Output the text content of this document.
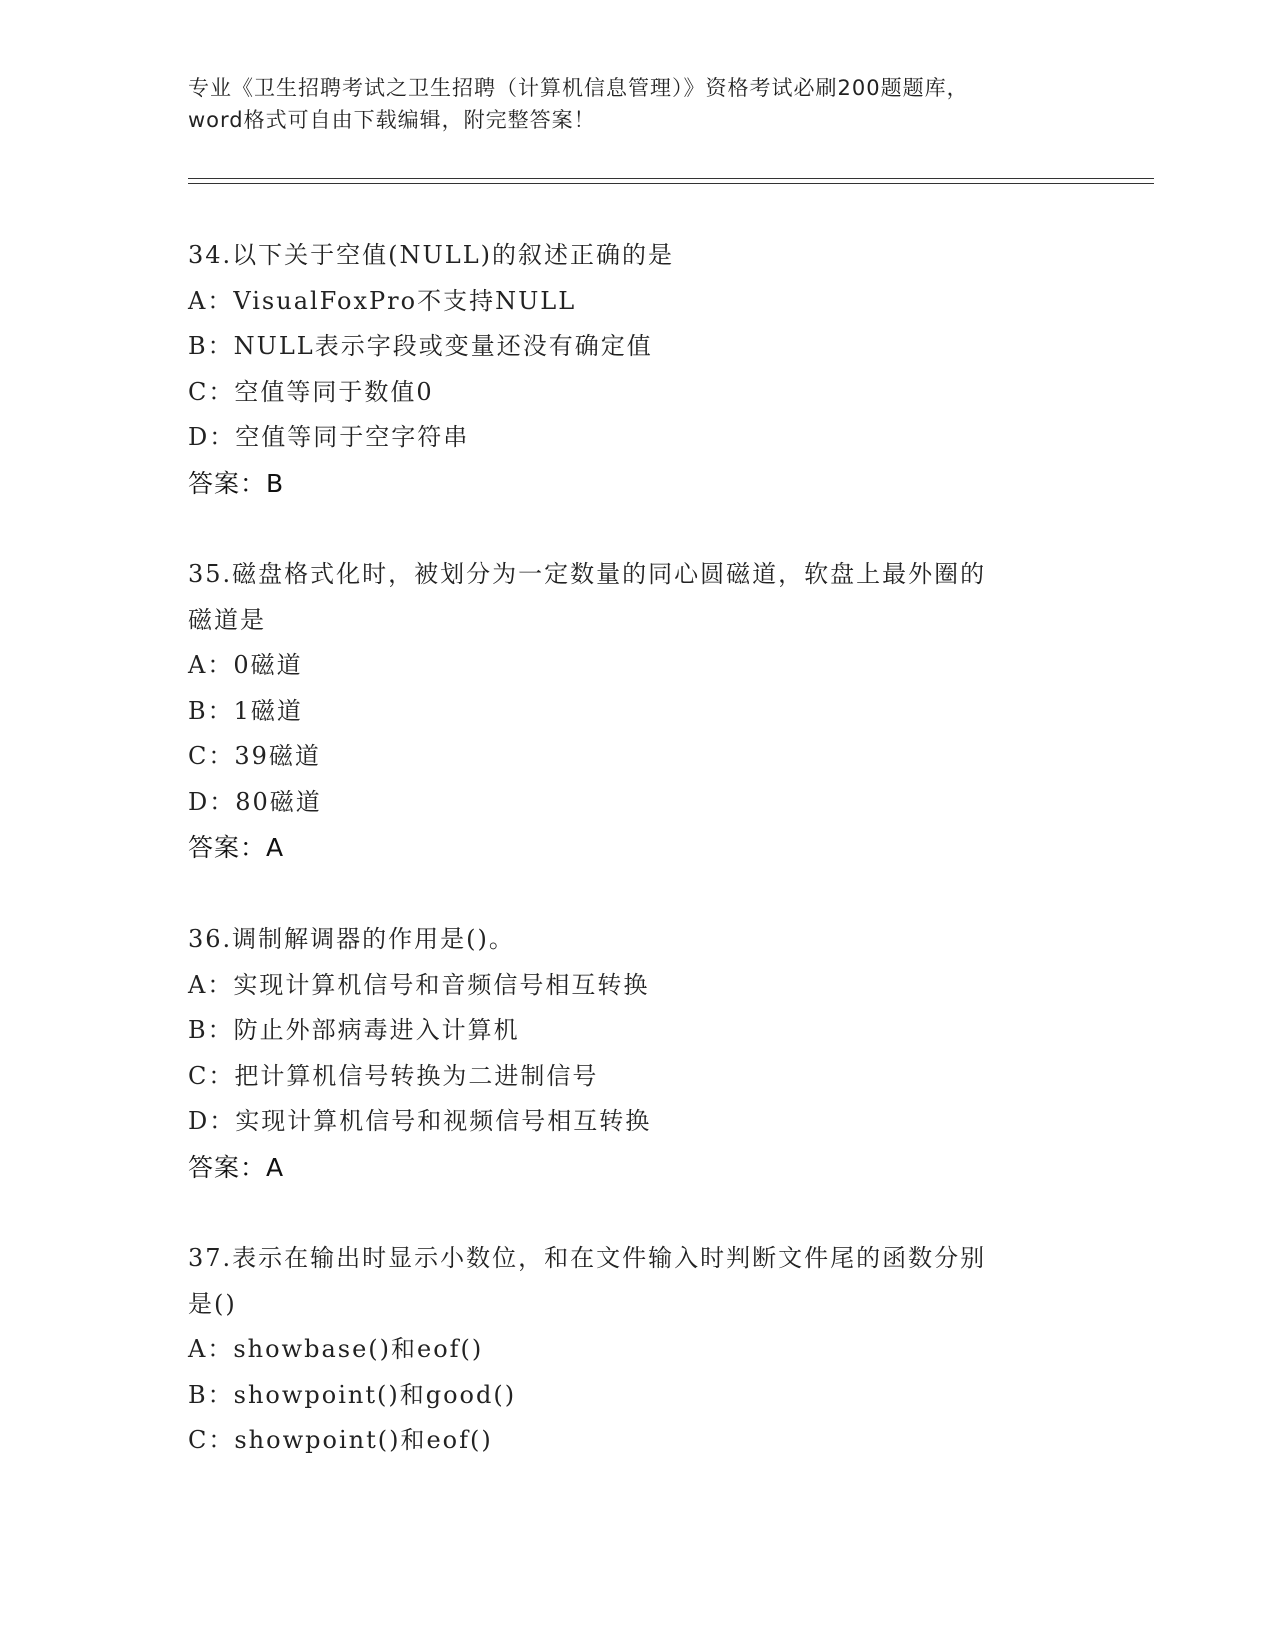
专业《卫生招聘考试之卫生招聘（计算机信息管理）》资格考试必刷200题题库，
word格式可自由下载编辑，附完整答案！
34.以下关于空值(NULL)的叙述正确的是
A：VisualFoxPro不支持NULL
B：NULL表示字段或变量还没有确定值
C：空值等同于数值0
D：空值等同于空字符串
答案：B
35.磁盘格式化时，被划分为一定数量的同心圆磁道，软盘上最外圈的
磁道是
A：0磁道
B：1磁道
C：39磁道
D：80磁道
答案：A
36.调制解调器的作用是()。
A：实现计算机信号和音频信号相互转换
B：防止外部病毒进入计算机
C：把计算机信号转换为二进制信号
D：实现计算机信号和视频信号相互转换
答案：A
37.表示在输出时显示小数位，和在文件输入时判断文件尾的函数分别
是()
A：showbase()和eof()
B：showpoint()和good()
C：showpoint()和eof()
